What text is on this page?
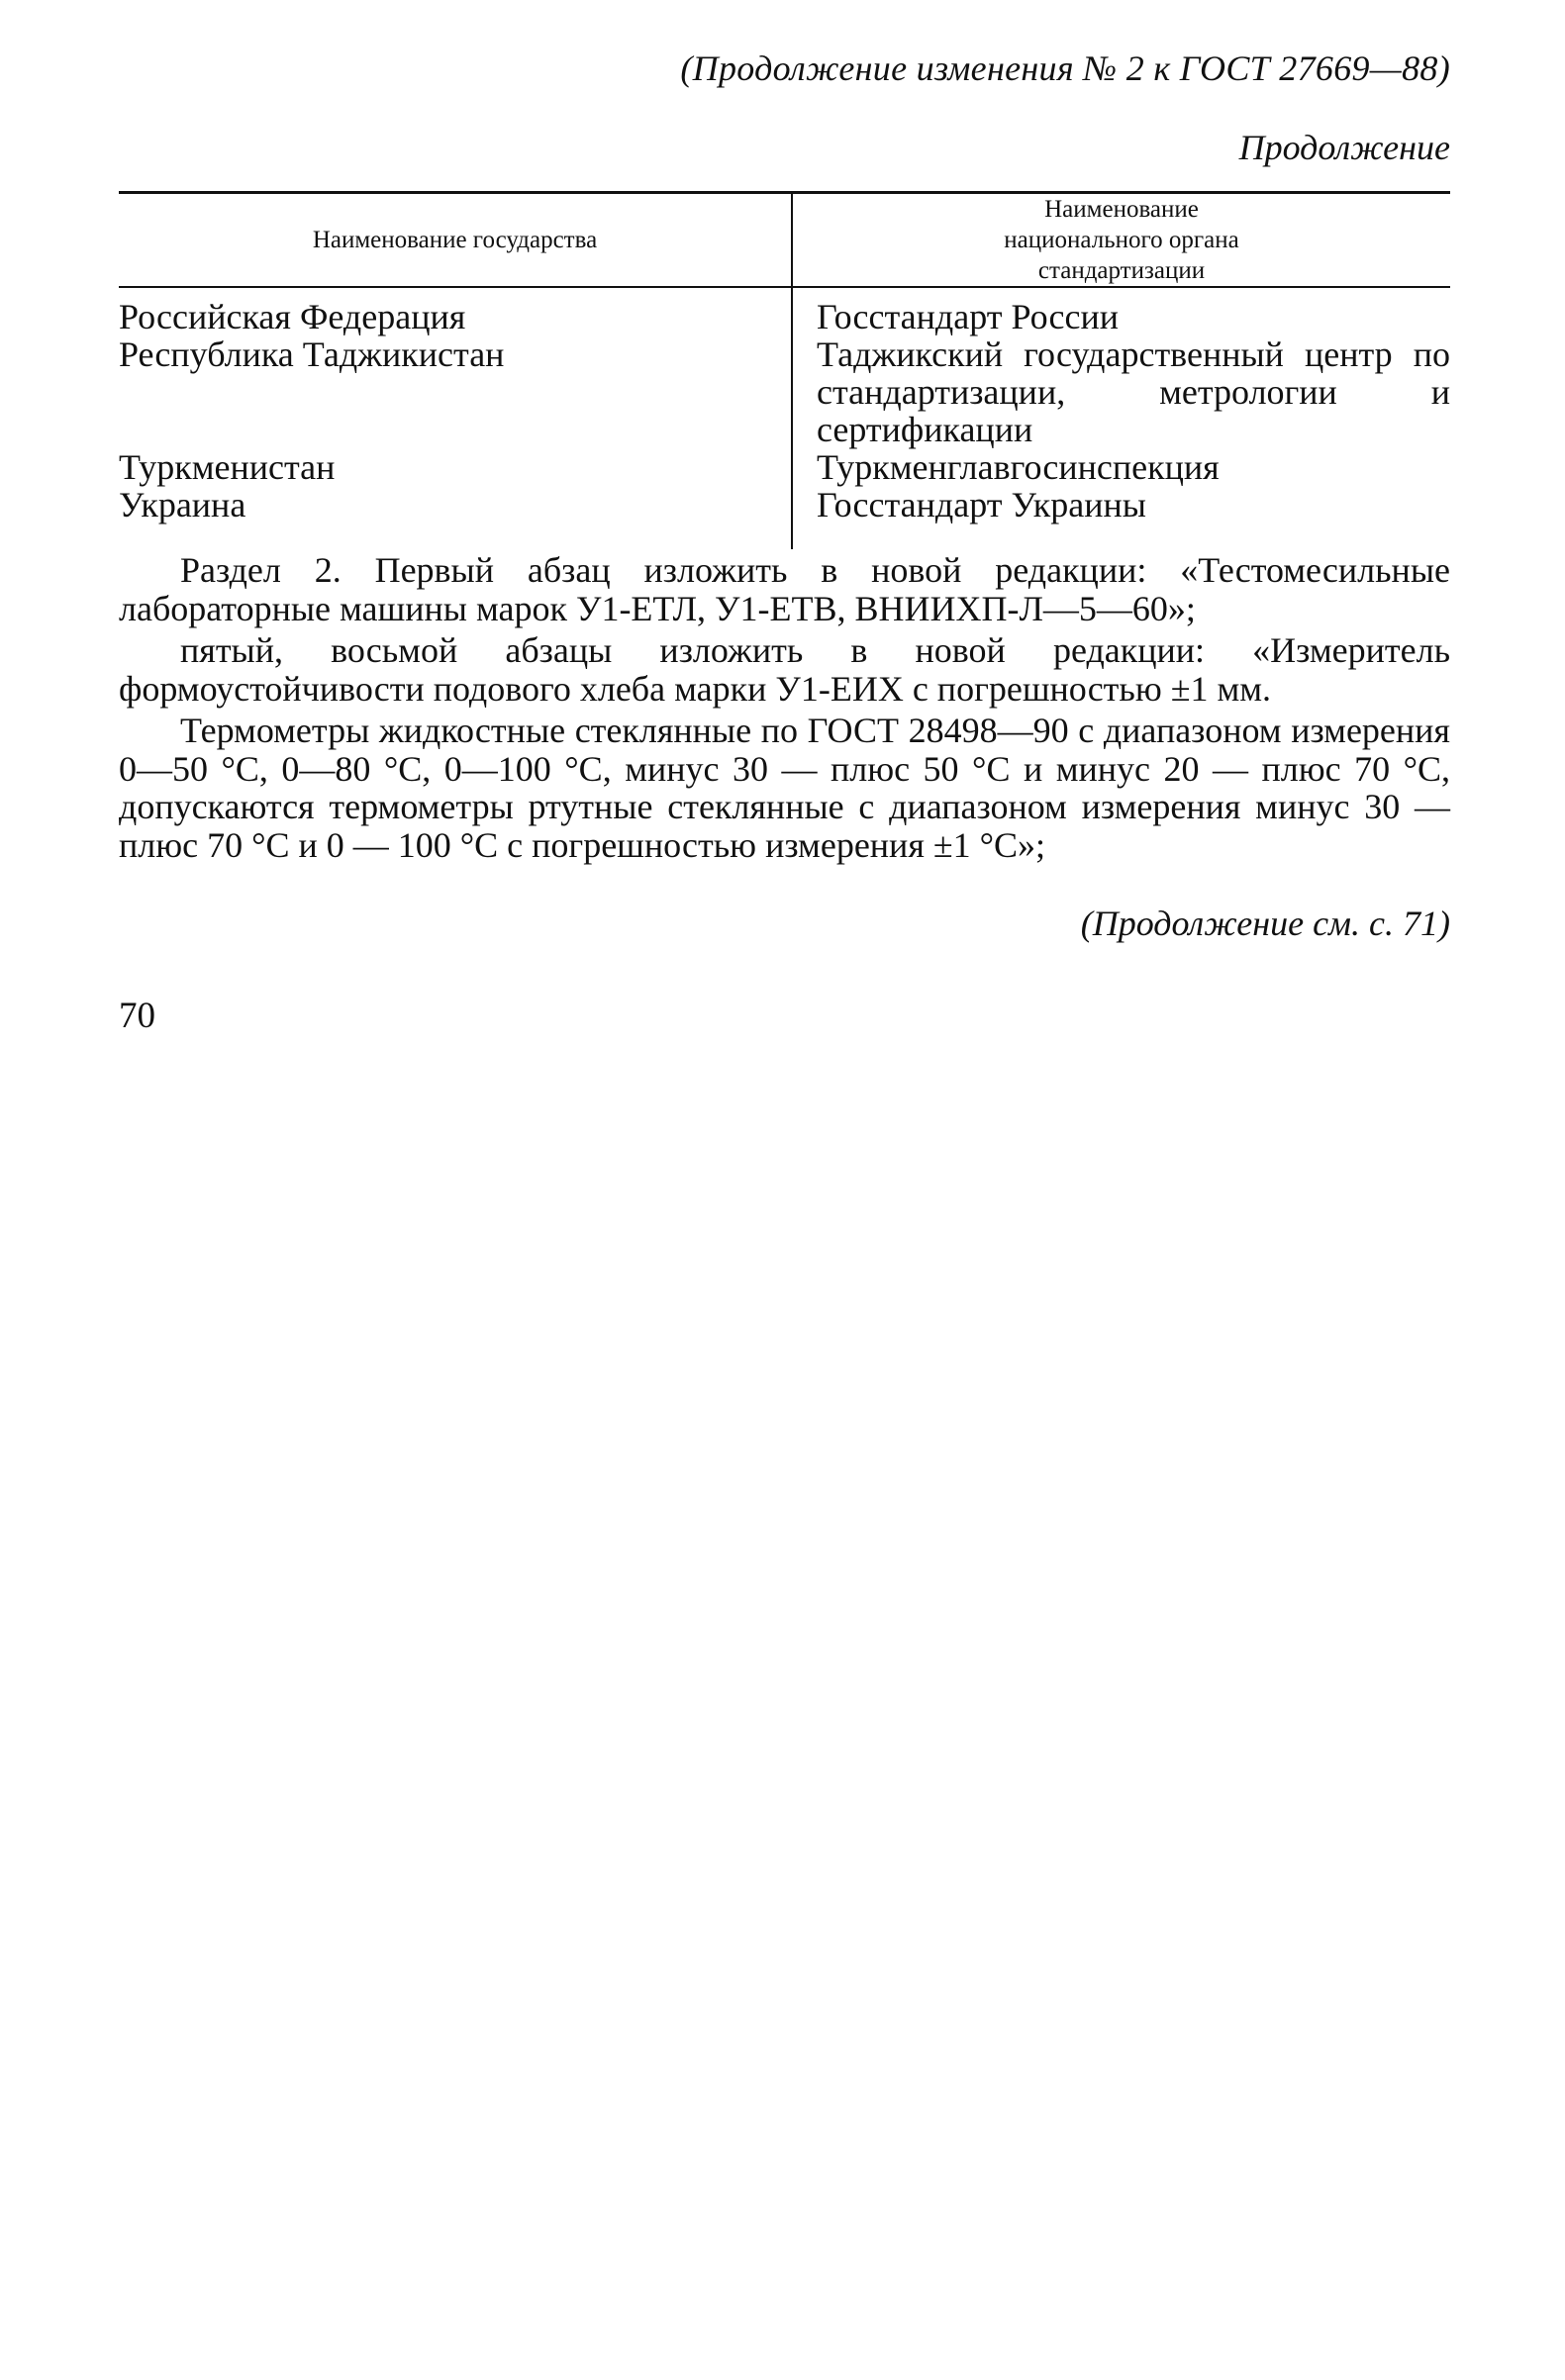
(Продолжение изменения № 2 к ГОСТ 27669—88)
Продолжение
Наименование государства	Наименование национального органа стандартизации

Российская Федерация	Госстандарт России
Республика Таджикистан	Таджикский государственный центр по стандартизации, метрологии и сертификации
Туркменистан	Туркменглавгосинспекция
Украина	Госстандарт Украины

Раздел 2. Первый абзац изложить в новой редакции: «Тестомесильные лабораторные машины марок У1-ЕТЛ, У1-ЕТВ, ВНИИХП-Л—5—60»;

пятый, восьмой абзацы изложить в новой редакции: «Измеритель формоустойчивости подового хлеба марки У1-ЕИХ с погрешностью ±1 мм.

Термометры жидкостные стеклянные по ГОСТ 28498—90 с диапазоном измерения 0—50 °С, 0—80 °С, 0—100 °С, минус 30 — плюс 50 °С и минус 20 — плюс 70 °С, допускаются термометры ртутные стеклянные с диапазоном измерения минус 30 — плюс 70 °С и 0 — 100 °С с погрешностью измерения ±1 °С»;

(Продолжение см. с. 71)
70
